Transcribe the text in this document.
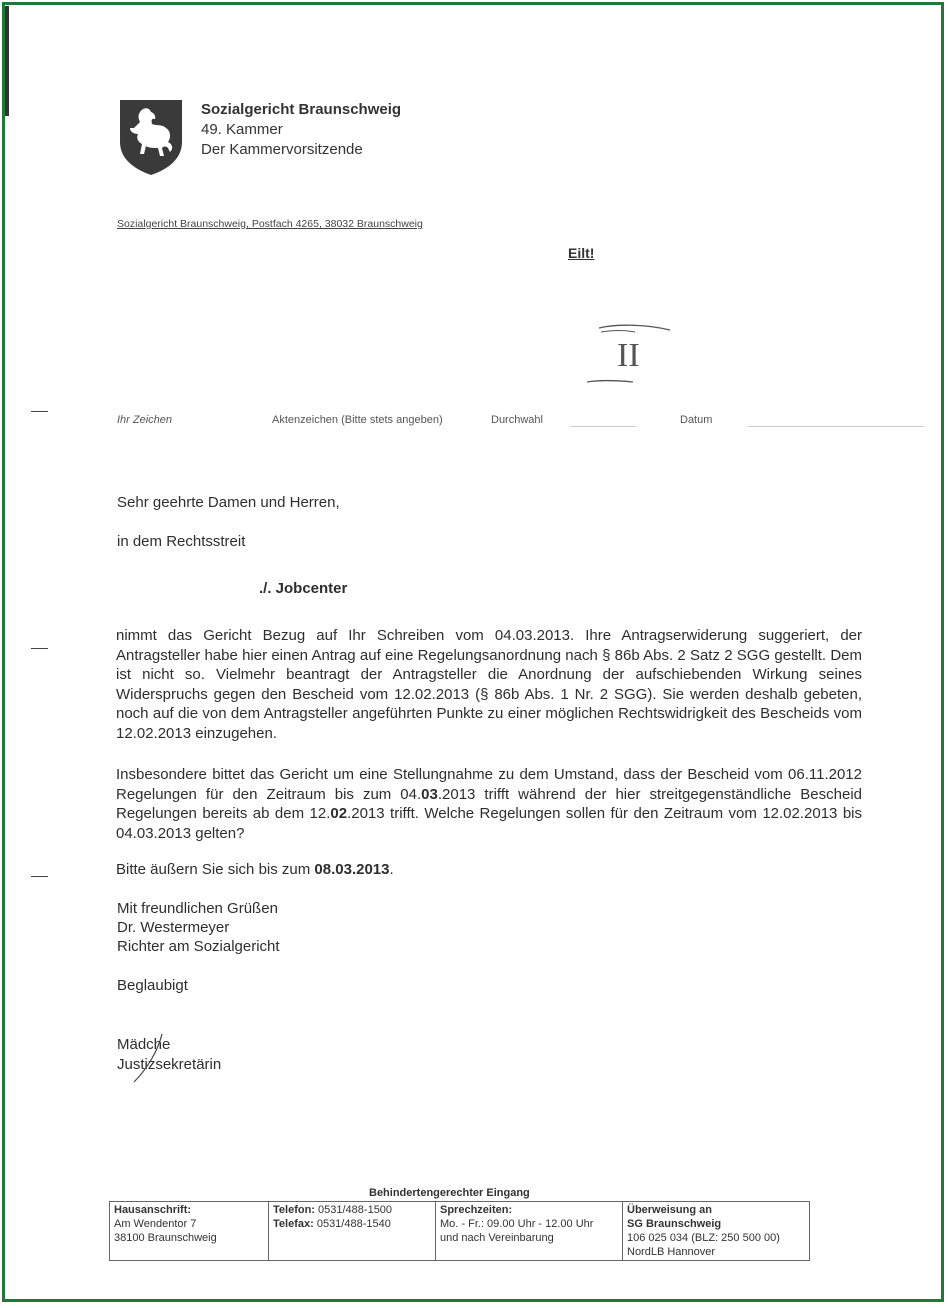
Sozialgericht Braunschweig
49. Kammer
Der Kammervorsitzende
Sozialgericht Braunschweig, Postfach 4265, 38032 Braunschweig
Eilt!
II
Ihr Zeichen	Aktenzeichen (Bitte stets angeben)	Durchwahl	Datum
Sehr geehrte Damen und Herren,
in dem Rechtsstreit
./. Jobcenter

nimmt das Gericht Bezug auf Ihr Schreiben vom 04.03.2013. Ihre Antragserwiderung suggeriert, der Antragsteller habe hier einen Antrag auf eine Regelungsanordnung nach § 86b Abs. 2 Satz 2 SGG gestellt. Dem ist nicht so. Vielmehr beantragt der Antragsteller die Anordnung der aufschiebenden Wirkung seines Widerspruchs gegen den Bescheid vom 12.02.2013 (§ 86b Abs. 1 Nr. 2 SGG). Sie werden deshalb gebeten, noch auf die von dem Antragsteller angeführten Punkte zu einer möglichen Rechtswidrigkeit des Bescheids vom 12.02.2013 einzugehen.

Insbesondere bittet das Gericht um eine Stellungnahme zu dem Umstand, dass der Bescheid vom 06.11.2012 Regelungen für den Zeitraum bis zum 04.03.2013 trifft während der hier streitgegenständliche Bescheid Regelungen bereits ab dem 12.02.2013 trifft. Welche Regelungen sollen für den Zeitraum vom 12.02.2013 bis 04.03.2013 gelten?

Bitte äußern Sie sich bis zum 08.03.2013.
Mit freundlichen Grüßen
Dr. Westermeyer
Richter am Sozialgericht
Beglaubigt
Mädche
Justizsekretärin
Behindertengerechter Eingang
Hausanschrift:
Am Wendentor 7
38100 Braunschweig

Telefon: 0531/488-1500
Telefax: 0531/488-1540

Sprechzeiten:
Mo. - Fr.: 09.00 Uhr - 12.00 Uhr
und nach Vereinbarung

Überweisung an
SG Braunschweig
106 025 034 (BLZ: 250 500 00)
NordLB Hannover
